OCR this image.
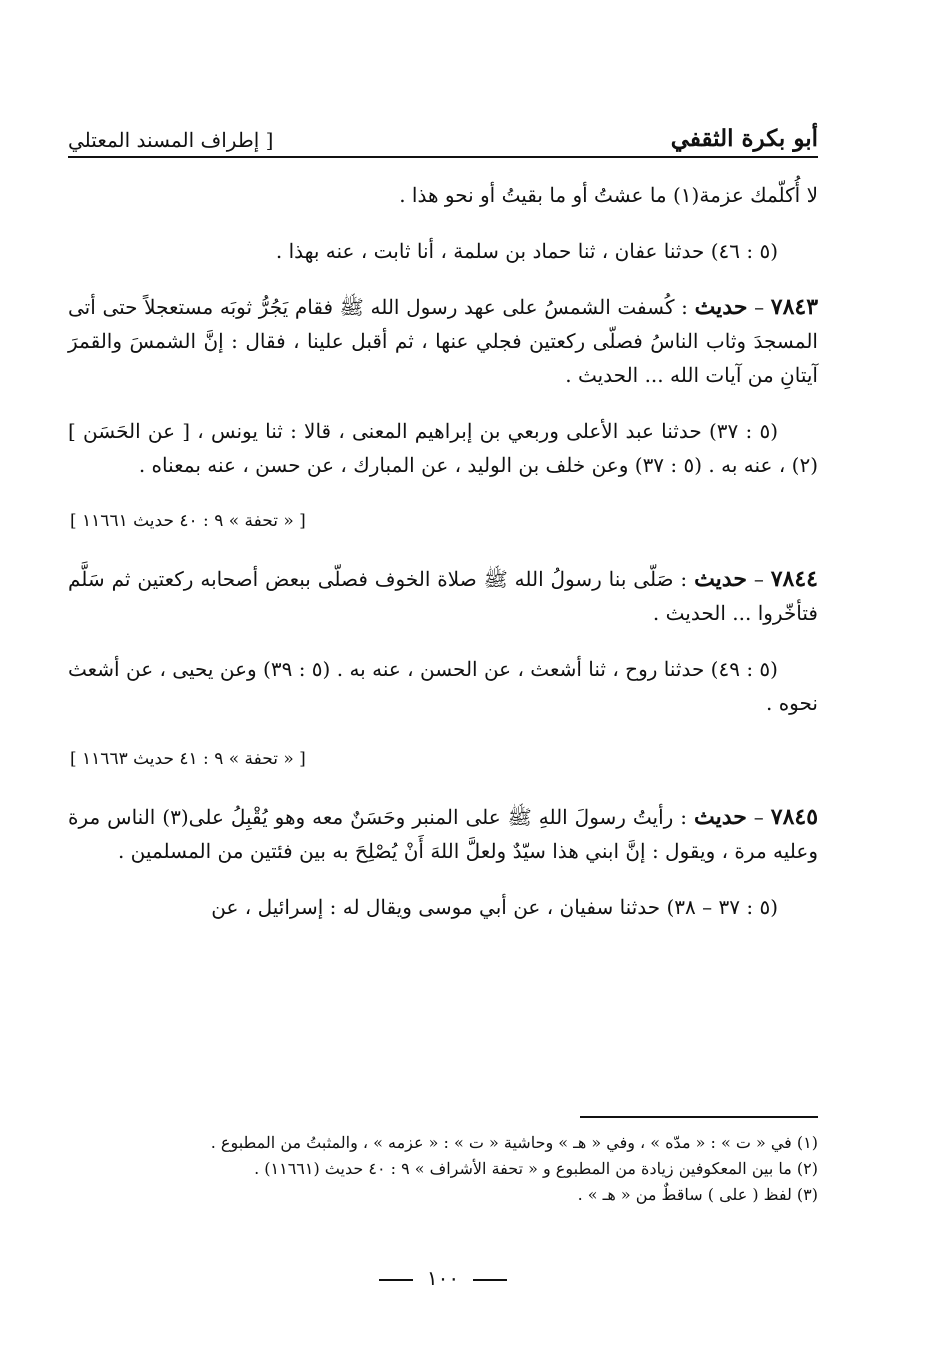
أبو بكرة الثقفي
[ إطراف المسند المعتلي

لا أُكلّمك عزمة(١) ما عشتُ أو ما بقيتُ أو نحو هذا .

(٥ : ٤٦) حدثنا عفان ، ثنا حماد بن سلمة ، أنا ثابت ، عنه بهذا .

٧٨٤٣ – حديث : كُسفت الشمسُ على عهد رسول الله ﷺ فقام يَجُرُّ ثوبَه مستعجلاً حتى أتى المسجدَ وثاب الناسُ فصلّى ركعتين فجلي عنها ، ثم أقبل علينا ، فقال : إنَّ الشمسَ والقمرَ آيتانِ من آيات الله ... الحديث .

(٥ : ٣٧) حدثنا عبد الأعلى وربعي بن إبراهيم المعنى ، قالا : ثنا يونس ، [ عن الحَسَن ](٢) ، عنه به . (٥ : ٣٧) وعن خلف بن الوليد ، عن المبارك ، عن حسن ، عنه بمعناه .

[ « تحفة » ٩ : ٤٠ حديث ١١٦٦١ ]

٧٨٤٤ – حديث : صَلّى بنا رسولُ الله ﷺ صلاة الخوف فصلّى ببعض أصحابه ركعتين ثم سَلَّم فتأخّروا ... الحديث .

(٥ : ٤٩) حدثنا روح ، ثنا أشعث ، عن الحسن ، عنه به . (٥ : ٣٩) وعن يحيى ، عن أشعث نحوه .

[ « تحفة » ٩ : ٤١ حديث ١١٦٦٣ ]

٧٨٤٥ – حديث : رأيتُ رسولَ اللهِ ﷺ على المنبر وحَسَنٌ معه وهو يُقْبِلُ على(٣) الناس مرة وعليه مرة ، ويقول : إنَّ ابني هذا سيّدٌ ولعلَّ اللهَ أَنْ يُصْلِحَ به بين فئتين من المسلمين .

(٥ : ٣٧ – ٣٨) حدثنا سفيان ، عن أبي موسى ويقال له : إسرائيل ، عن

(١) في « ت » : « مدّه » ، وفي « هـ » وحاشية « ت » : « عزمه » ، والمثبتُ من المطبوع .

(٢) ما بين المعكوفين زيادة من المطبوع و « تحفة الأشراف » ٩ : ٤٠ حديث (١١٦٦١) .

(٣) لفظ ( على ) ساقطٌ من « هـ » .

١٠٠
